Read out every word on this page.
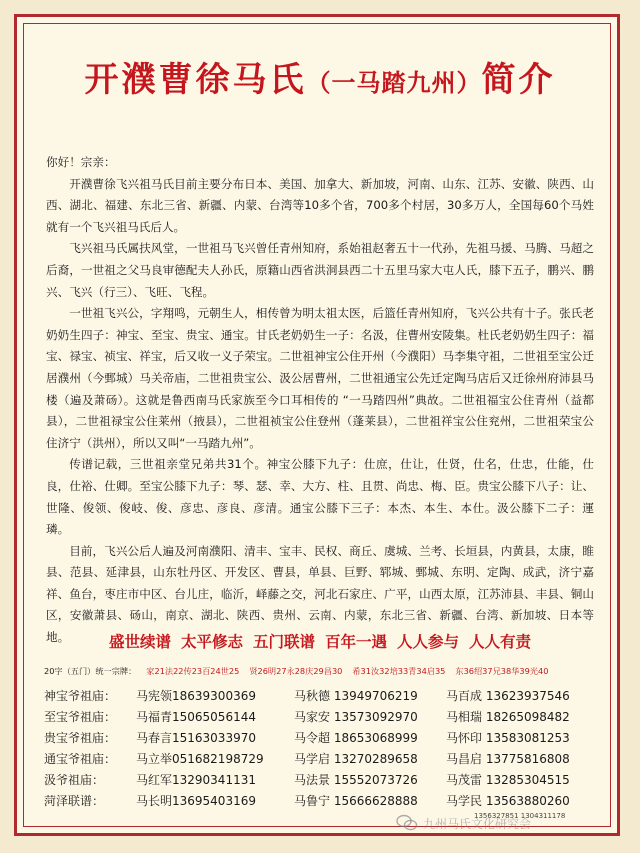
开濮曹徐马氏（一马踏九州）简介

你好！宗亲：

开濮曹徐飞兴祖马氏目前主要分布日本、美国、加拿大、新加坡，河南、山东、江苏、安徽、陕西、山西、湖北、福建、东北三省、新疆、内蒙、台湾等10多个省，700多个村居，30多万人，全国每60个马姓就有一个飞兴祖马氏后人。

飞兴祖马氏属扶风堂，一世祖马飞兴曾任青州知府，系始祖赵奢五十一代孙，先祖马援、马腾、马超之后裔，一世祖之父马良审德配夫人孙氏，原籍山西省洪洞县西二十五里马家大屯人氏，膝下五子，鹏兴、鹏兴、飞兴（行三）、飞旺、飞程。

一世祖飞兴公，字翔鸣，元朝生人，相传曾为明太祖太医，后篮任青州知府，飞兴公共有十子。张氏老奶奶生四子：神宝、至宝、贵宝、通宝。甘氏老奶奶生一子：名汲，住曹州安陵集。杜氏老奶奶生四子：福宝、禄宝、祯宝、祥宝，后又收一义子荣宝。二世祖神宝公住开州（今濮阳）马李集守祖，二世祖至宝公迁居濮州（今鄄城）马关帝庙，二世祖贵宝公、汲公居曹州，二世祖通宝公先迁定陶马店后又迁徐州府沛县马楼（遍及萧砀）。这就是鲁西南马氏家族至今口耳相传的 “一马踏四州”典故。二世祖福宝公住青州（益都县），二世祖禄宝公住莱州（掖县），二世祖祯宝公住登州（蓬莱县），二世祖祥宝公住兖州，二世祖荣宝公住济宁（洪州），所以又叫“一马踏九州”。

传谱记载，三世祖亲堂兄弟共31个。神宝公膝下九子：仕庶，仕让，仕贤，仕名，仕忠，仕能，仕良，仕裕、仕卿。至宝公膝下九子：琴、瑟、幸、大方、柱、且贯、尚忠、梅、臣。贵宝公膝下八子：让、世隆、俊领、俊岐、俊、彦忠、彦良、彦清。通宝公膝下三子：本杰、本生、本仕。汲公膝下二子：運 璘。

目前，飞兴公后人遍及河南濮阳、清丰、宝丰、民权、商丘、虞城、兰考、长垣县，内黄县，太康，睢县、范县、延津县，山东牡丹区、开发区、曹县，单县、巨野、郓城、鄄城、东明、定陶、成武，济宁嘉祥、鱼台，枣庄市中区、台儿庄，临沂，峄藤之交，河北石家庄、广平，山西太原，江苏沛县、丰县、铜山区，安徽萧县、砀山，南京、湖北、陕西、贵州、云南、内蒙，东北三省、新疆、台湾、新加坡、日本等地。	盛世续谱 太平修志 五门联谱 百年一遇 人人参与 人人有责
20字（五门）统一宗牌： 家21法22传23百24世25 贤26明27永28庆29昌30 希31汝32培33青34启35 东36绍37兄38华39光40
神宝爷祖庙： 马宪领18639300369	马秋德 13949706219 马百成 13623937546
至宝爷祖庙： 马福青15065056144	马家安 13573092970 马相瑞 18265098482
贵宝爷祖庙： 马春言15163033970	马令超 18653068999 马怀印 13583081253
通宝爷祖庙： 马立举051682198729	马学启 13270289658 马昌启 13775816808
汲爷祖庙：	马红军13290341131	马法景 15552073726 马茂雷 13285304515
菏泽联谱：	马长明13695403169	马鲁宁 15666628888 马学民 13563880260
九州马氏文化研究会
1356327851 1304311178
